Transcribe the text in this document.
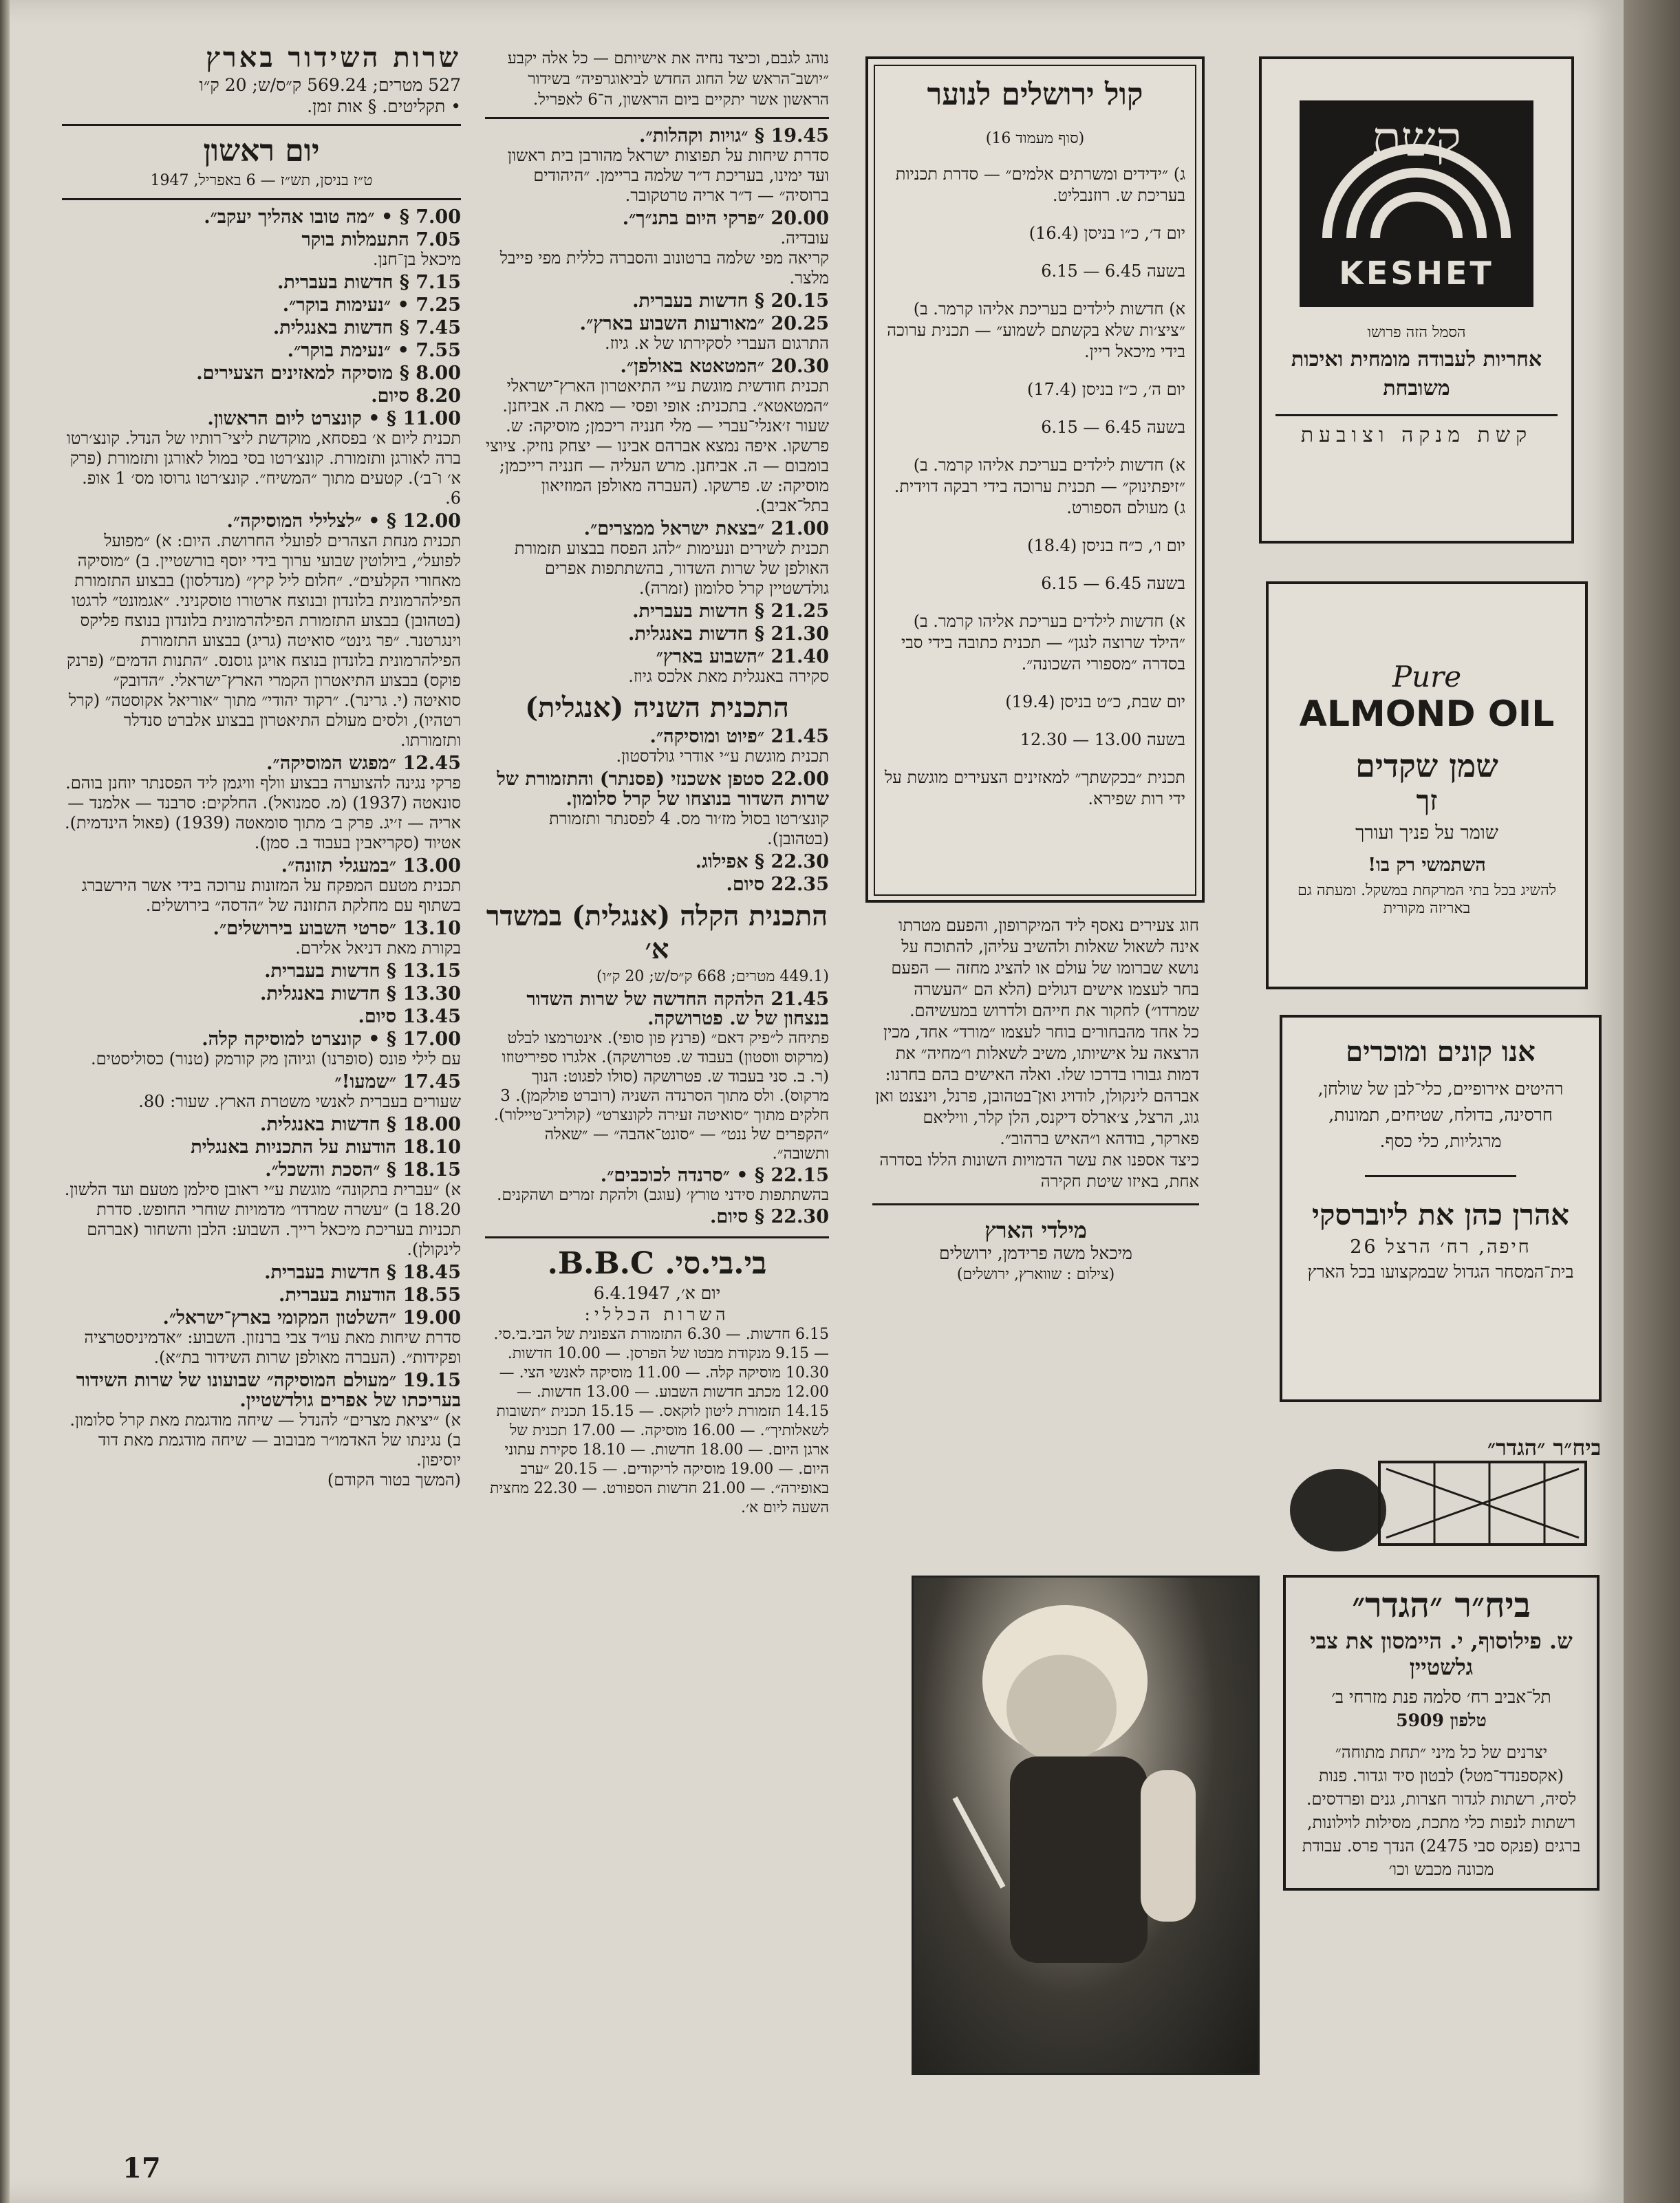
שרות השידור בארץ

527 מטרים; 569.24 ק״ס/ש; 20 ק״ו

• תקליטים. § אות זמן.

יום ראשון

ט״ז בניסן, תש״ז — 6 באפריל, 1947

7.00 § • ״מה טובו אהליך יעקב״.

7.05 התעמלות בוקר

מיכאל בן־חנן.

7.15 § חדשות בעברית.

7.25 • ״נעימות בוקר״.

7.45 § חדשות באנגלית.

7.55 • ״נעימת בוקר״.

8.00 § מוסיקה למאזינים הצעירים.

8.20 סיום.

11.00 § • קונצרט ליום הראשון.

תכנית ליום א׳ בפסחא, מוקדשת ליצי־רותיו של הנדל. קונצ׳רטו ברה לאורגן ותזמורת. קונצ׳רטו בסי במול לאורגן ותזמורת (פרק א׳ ו־ב׳). קטעים מתוך ״המשיח״. קונצ׳רטו גרוסו מס׳ 1 אופ. 6.

12.00 § • ״לצלילי המוסיקה״.

תכנית מנחת הצהרים לפועלי החרושת. היום: א) ״מפועל לפועל״, ביולוטין שבועי ערוך בידי יוסף בורשטיין. ב) ״מוסיקה מאחורי הקלעים״. ״חלום ליל קיץ״ (מנדלסון) בבצוע התזמורת הפילהרמונית בלונדון ובנוצח ארטורו טוסקניני. ״אגמונט״ לרגטו (בטהובן) בבצוע התזמורת הפילהרמונית בלונדון בנוצח פליקס וינגרטנר. ״פר גינט״ סואיטה (גריג) בבצוע התזמורת הפילהרמונית בלונדון בנוצח אויגן גוסנס. ״התנות הדמים״ (פרנק פוקס) בבצוע התיאטרון הקמרי הארץ־ישראלי. ״הדובק״ סואיטה (י. גרינר). ״רקוד יהודי״ מתוך ״אוריאל אקוסטה״ (קרל רטהיו), ולסים מעולם התיאטרון בבצוע אלברט סנדלר ותזמורתו.

12.45 ״מפגש המוסיקה״.

פרקי נגינה להצוערה בבצוע וולף וויגמן ליד הפסנתר יוחנן בוהם. סונאטה (1937) (מ. סמנואל). החלקים: סרבנד — אלמנד — אריה — ז׳יג. פרק ב׳ מתוך סומאטה (1939) (פאול הינדמית). אטיוד (סקריאבין בעבוד ב. סמן).

13.00 ״במעגלי תזונה״.

תכנית מטעם המפקח על המזונות ערוכה בידי אשר הירשברג בשתוף עם מחלקת התזונה של ״הדסה״ בירושלים.

13.10 ״סרטי השבוע בירושלים״.

בקורת מאת דניאל אלירם.

13.15 § חדשות בעברית.

13.30 § חדשות באנגלית.

13.45 סיום.

17.00 § • קונצרט למוסיקה קלה.

עם לילי פונס (סופרנו) וגיוהן מק קורמק (טנור) כסוליסטים.

17.45 ״שמעו!״

שעורים בעברית לאנשי משטרת הארץ. שעור: 80.

18.00 § חדשות באנגלית.

18.10 הודעות על התכניות באנגלית

18.15 § ״הסכת והשכל״.

א) ״עברית בתקונה״ מוגשת ע״י ראובן סילמן מטעם ועד הלשון. 18.20 ב) ״עשרה שמרדו״ מדמויות שוחרי החופש. סדרת תכניות בעריכת מיכאל רייך. השבוע: הלבן והשחור (אברהם לינקולן).

18.45 § חדשות בעברית.

18.55 הודעות בעברית.

19.00 ״השלטון המקומי בארץ־ישראל״.

סדרת שיחות מאת עו״ד צבי ברנזון. השבוע: ״אדמיניסטרציה ופקידות״. (העברה מאולפן שרות השידור בת״א).

19.15 ״מעולם המוסיקה״ שבועונו של שרות השידור בעריכתו של אפרים גולדשטיין.

א) ״יציאת מצרים״ להנדל — שיחה מודגמת מאת קרל סלומון. ב) נגינתו של האדמו״ר מבובוב — שיחה מודגמת מאת דוד יוסיפון.

(המשך בטור הקודם)

נוהג לגבם, וכיצד נחיה את אישיותם — כל אלה יקבע ״יושב־הראש של החוג החדש לביאוגרפיה״ בשידור הראשון אשר יתקיים ביום הראשון, ה־6 לאפריל.

19.45 § ״גויות וקהלות״.

סדרת שיחות על תפוצות ישראל מהורבן בית ראשון ועד ימינו, בעריכת ד״ר שלמה בריימן. ״היהודים ברוסיה״ — ד״ר אריה טרטקובר.

20.00 ״פרקי היום בתנ״ך״.

עובדיה.

קריאה מפי שלמה ברטונוב והסברה כללית מפי פייבל מלצר.

20.15 § חדשות בעברית.

20.25 ״מאורעות השבוע בארץ״.

התרגום העברי לסקירתו של א. גיוז.

20.30 ״המטאטא באולפן״.

תכנית חודשית מוגשת ע״י התיאטרון הארץ־ישראלי ״המטאטא״. בתכנית: אופי ופסי — מאת ה. אביחנן. שעור ז׳אנלי־עברי — מלי חנניה ריכמן; מוסיקה: ש. פרשקו. איפה נמצא אברהם אבינו — יצחק נוזיק. ציוצי בומבום — ה. אביחנן. מרש העליה — חנניה רייכמן; מוסיקה: ש. פרשקו. (העברה מאולפן המוזיאון בתל־אביב).

21.00 ״בצאת ישראל ממצרים״.

תכנית לשירים ונעימות ״להג הפסח בבצוע תזמורת האולפן של שרות השדור, בהשתתפות אפרים גולדשטיין קרל סלומון (זמרה).

21.25 § חדשות בעברית.

21.30 § חדשות באנגלית.

21.40 ״השבוע בארץ״

סקירה באנגלית מאת אלכס גיוז.

התכנית השניה (אנגלית)

21.45 ״פיוט ומוסיקה״.

תכנית מוגשת ע״י אודרי גולדסטון.

22.00 סטפן אשכנזי (פסנתר) והתזמורת של שרות השדור בנוצחו של קרל סלומון.

קונצ׳רטו בסול מז׳ור מס. 4 לפסנתר ותזמורת (בטהובן).

22.30 § אפילוג.

22.35 סיום.

התכנית הקלה (אנגלית) במשדר א׳

(449.1 מטרים; 668 ק״ס/ש; 20 ק״ו)

21.45 הלהקה החדשה של שרות השדור בנצחון של ש. פטרושקה.

פתיחה ל״פיק דאם״ (פרנץ פון סופי). אינטרמצו לבלט (מרקוס ווסטון) בעבוד ש. פטרושקה). אלגרו ספיריטוזו (ר. ב. סני בעבוד ש. פטרושקה (סולו לפגוט: הנוך מרקוס). ולס מתוך הסרנדה השניה (רוברט פולקמן). 3 חלקים מתוך ״סואיטה זעירה לקונצרט״ (קולריג־טיילור). ״הקפרים של ננט״ — ״סונט־אהבה״ — ״שאלה ותשובה״.

22.15 § • ״סרנדה לכוכבים״.

בהשתתפות סידני טורץ׳ (עוגב) ולהקת זמרים ושהקנים.

22.30 § סיום.

בי.בי.סי. B.B.C.

יום א׳, 6.4.1947

השרות הכללי:

6.15 חדשות. — 6.30 התזמורת הצפונית של הבי.בי.סי. — 9.15 מנקודת מבטו של הפרסן. — 10.00 חדשות. 10.30 מוסיקה קלה. — 11.00 מוסיקה לאנשי הצי. — 12.00 מכתב חדשות השבוע. — 13.00 חדשות. — 14.15 תזמורת ליטון לוקאס. — 15.15 תכנית ״תשובות לשאלותיך״. — 16.00 מוסיקה. — 17.00 תכנית של ארגן היום. — 18.00 חדשות. — 18.10 סקירת עתוני היום. — 19.00 מוסיקה לריקודים. — 20.15 ״ערב באופירה״. — 21.00 חדשות הספורט. — 22.30 מחצית השעה ליום א׳.

קול ירושלים לנוער

(סוף מעמוד 16)

ג) ״ידידים ומשרתים אלמים״ — סדרת תכניות בעריכת ש. רוזנבליט.

יום ד׳, כ״ו בניסן (16.4)

בשעה 6.45 — 6.15

א) חדשות לילדים בעריכת אליהו קרמר. ב) ״ציצ׳ות שלא בקשתם לשמוע״ — תכנית ערוכה בידי מיכאל ריין.

יום ה׳, כ״ז בניסן (17.4)

בשעה 6.45 — 6.15

א) חדשות לילדים בעריכת אליהו קרמר. ב) ״זיפתינוק״ — תכנית ערוכה בידי רבקה דוידית. ג) מעולם הספורט.

יום ו׳, כ״ח בניסן (18.4)

בשעה 6.45 — 6.15

א) חדשות לילדים בעריכת אליהו קרמר. ב) ״הילד שרוצה לנגן״ — תכנית כתובה בידי סבי בסדרה ״מספורי השכונה״.

יום שבת, כ״ט בניסן (19.4)

בשעה 13.00 — 12.30

תכנית ״בכקשתך״ למאזינים הצעירים מוגשת על ידי רות שפירא.

חוג צעירים נאסף ליד המיקרופון, והפעם מטרתו אינה לשאול שאלות ולהשיב עליהן, להתוכח על נושא שברומו של עולם או להציג מחזה — הפעם בחר לעצמו אישים דגולים (הלא הם ״העשרה שמרדו״) לחקור את חייהם ולדרוש במעשיהם.

כל אחד מהבחורים בוחר לעצמו ״מורד״ אחד, מכין הרצאה על אישיותו, משיב לשאלות ו״מחיה״ את דמות גבורו בדרכו שלו. ואלה האישים בהם בחרנו: אברהם לינקולן, לודויג ואן־בטהובן, פרנל, וינצנט ואן גוג, הרצל, צ׳ארלס דיקנס, הלן קלר, וויליאם פארקר, בודהא ו״האיש ברהוב״.

כיצד אספנו את עשר הדמויות השונות הללו בסדרה אחת, באיזו שיטת חקירה

מילדי הארץ

מיכאל משה פרידמן, ירושלים

(צילום : שווארץ, ירושלים)

קשת
KESHET

הסמל הזה פרושו

אחריות לעבודה מומחית ואיכות משובחת

קשת מנקה וצובעת

Pure

ALMOND OIL

שמן שקדים

זך

שומר על פניך ועורך

השתמשי רק בו!

להשיג בכל בתי המרקחת במשקל. ומעתה גם באריזה מקורית

אנו קונים ומוכרים

רהיטים אירופיים, כלי־לבן של שולחן, חרסינה, בדולח, שטיחים, תמונות, מרגליות, כלי כסף.

אהרן כהן את ליוברסקי

חיפה, רח׳ הרצל 26

בית־המסחר הגדול שבמקצועו בכל הארץ

ביח״ר ״הגדר״

ביח״ר ״הגדר״

ש. פילוסוף, י. היימסון את צבי גלשטיין

תל־אביב רח׳ סלמה פנת מזרחי ב׳

טלפון 5909

יצרנים של כל מיני ״תחת מתוחה״ (אקספנדד־מטל) לבטון סיד וגדור. פנות לסיה, רשתות לגדור חצרות, גנים ופרדסים. רשתות לנפות כלי מתכת, מסילות לוילונות, ברגים (פנקס סבי 2475) הנדך פרס. עבודת מכונה מכבש וכו׳

17
